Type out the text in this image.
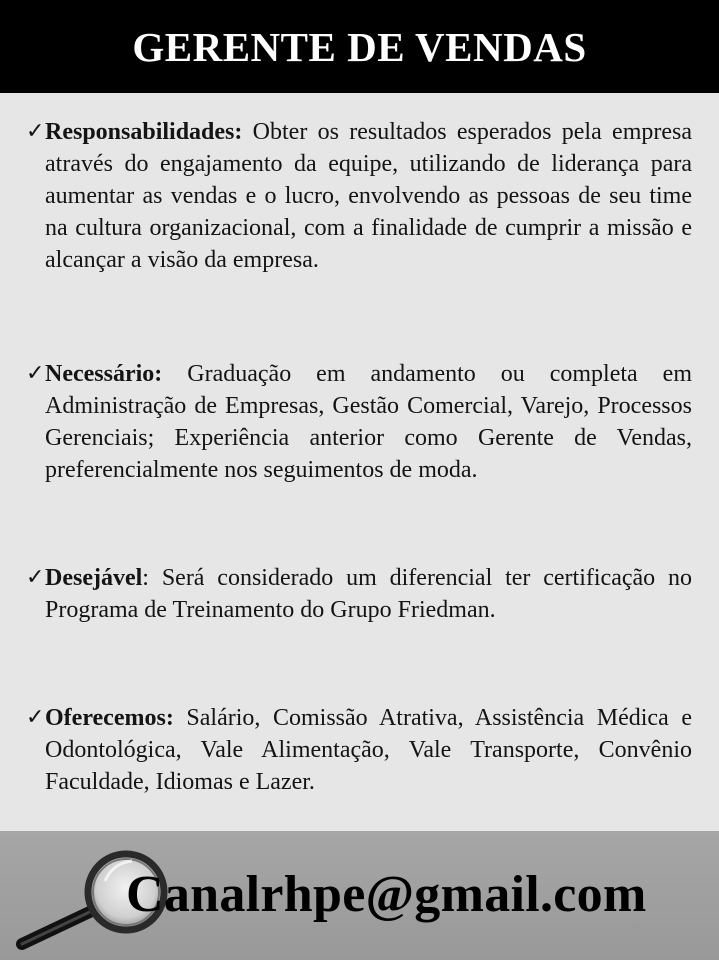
GERENTE DE VENDAS
✓ Responsabilidades: Obter os resultados esperados pela empresa através do engajamento da equipe, utilizando de liderança para aumentar as vendas e o lucro, envolvendo as pessoas de seu time na cultura organizacional, com a finalidade de cumprir a missão e alcançar a visão da empresa.
✓ Necessário: Graduação em andamento ou completa em Administração de Empresas, Gestão Comercial, Varejo, Processos Gerenciais; Experiência anterior como Gerente de Vendas, preferencialmente nos seguimentos de moda.
✓ Desejável: Será considerado um diferencial ter certificação no Programa de Treinamento do Grupo Friedman.
✓ Oferecemos: Salário, Comissão Atrativa, Assistência Médica e Odontológica, Vale Alimentação, Vale Transporte, Convênio Faculdade, Idiomas e Lazer.
Canalrhpe@gmail.com
